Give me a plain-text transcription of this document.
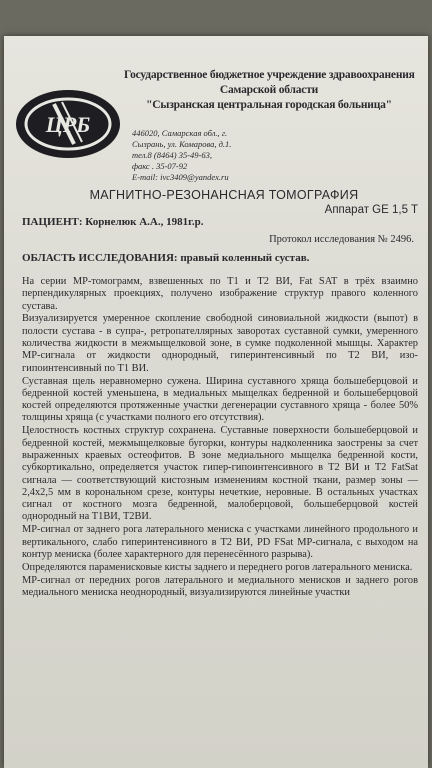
ЦРБ
Государственное бюджетное учреждение здравоохранения
Самарской области
"Сызранская центральная городская больница"
446020, Самарская обл., г.
Сызрань, ул. Комарова, д.1.
тел.8 (8464) 35-49-63,
факс . 35-07-92
E-mail: ivc3409@yandex.ru
МАГНИТНО-РЕЗОНАНСНАЯ ТОМОГРАФИЯ
Аппарат GE 1,5 T
ПАЦИЕНТ: Корнелюк А.А., 1981г.р.
Протокол исследования № 2496.
ОБЛАСТЬ ИССЛЕДОВАНИЯ: правый коленный сустав.

На серии МР-томограмм, взвешенных по Т1 и Т2 ВИ, Fat SAT в трёх взаимно перпендикулярных проекциях, получено изображение структур правого коленного сустава.

Визуализируется умеренное скопление свободной синовиальной жидкости (выпот) в полости сустава - в супра-, ретропателлярных заворотах суставной сумки, умеренного количества жидкости в межмыщелковой зоне, в сумке подколенной мышцы. Характер МР-сигнала от жидкости однородный, гиперинтенсивный по Т2 ВИ, изо-гипоинтенсивный по Т1 ВИ.

Суставная щель неравномерно сужена. Ширина суставного хряща большеберцовой и бедренной костей уменьшена, в медиальных мыщелках бедренной и большеберцовой костей определяются протяженные участки дегенерации суставного хряща - более 50% толщины хряща (с участками полного его отсутствия).

Целостность костных структур сохранена. Суставные поверхности большеберцовой и бедренной костей, межмыщелковые бугорки, контуры надколенника заострены за счет выраженных краевых остеофитов. В зоне медиального мыщелка бедренной кости, субкортикально, определяется участок гипер-гипоинтенсивного в Т2 ВИ и Т2 FatSat сигнала — соответствующий кистозным изменениям костной ткани, размер зоны — 2,4х2,5 мм в корональном срезе, контуры нечеткие, неровные. В остальных участках сигнал от костного мозга бедренной, малоберцовой, большеберцовой костей однородный на Т1ВИ, Т2ВИ.

МР-сигнал от заднего рога латерального мениска с участками линейного продольного и вертикального, слабо гиперинтенсивного в Т2 ВИ, PD FSat МР-сигнала, с выходом на контур мениска (более характерного для перенесённого разрыва).

Определяются парамениcковые кисты заднего и переднего рогов латерального мениска.

МР-сигнал от передних рогов латерального и медиального менисков и заднего рогов медиального мениска неоднородный, визуализируются линейные участки
